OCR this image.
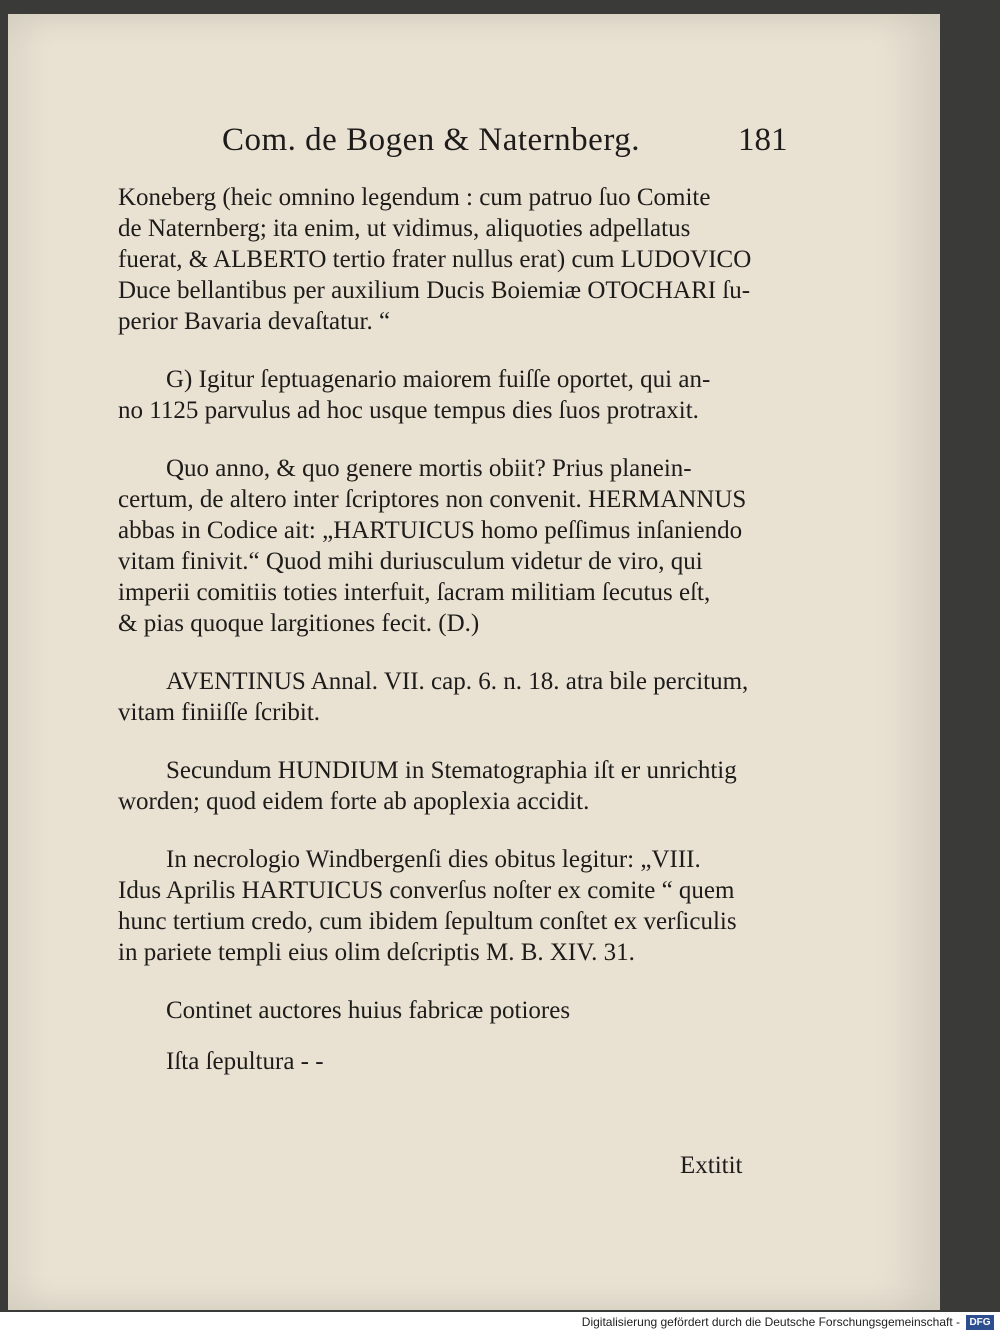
Com. de Bogen & Naternberg.	181
Koneberg (heic omnino legendum : cum patruo ſuo Comite
de Naternberg; ita enim, ut vidimus, aliquoties adpellatus
fuerat, & ALBERTO tertio frater nullus erat) cum LUDOVICO
Duce bellantibus per auxilium Ducis Boiemiæ OTOCHARI ſu-
perior Bavaria devaſtatur. “
G) Igitur ſeptuagenario maiorem fuiſſe oportet, qui an-
no 1125 parvulus ad hoc usque tempus dies ſuos protraxit.
Quo anno, & quo genere mortis obiit? Prius planein-
certum, de altero inter ſcriptores non convenit. HERMANNUS
abbas in Codice ait: „HARTUICUS homo peſſimus inſaniendo
vitam finivit.“ Quod mihi duriusculum videtur de viro, qui
imperii comitiis toties interfuit, ſacram militiam ſecutus eſt,
& pias quoque largitiones fecit. (D.)
AVENTINUS Annal. VII. cap. 6. n. 18. atra bile percitum,
vitam finiiſſe ſcribit.
Secundum HUNDIUM in Stematographia iſt er unrichtig
worden; quod eidem forte ab apoplexia accidit.
In necrologio Windbergenſi dies obitus legitur: „VIII.
Idus Aprilis HARTUICUS converſus noſter ex comite “ quem
hunc tertium credo, cum ibidem ſepultum conſtet ex verſiculis
in pariete templi eius olim deſcriptis M. B. XIV. 31.
Continet auctores huius fabricæ potiores
Iſta ſepultura - -
Extitit
Digitalisierung gefördert durch die Deutsche Forschungsgemeinschaft - DFG
